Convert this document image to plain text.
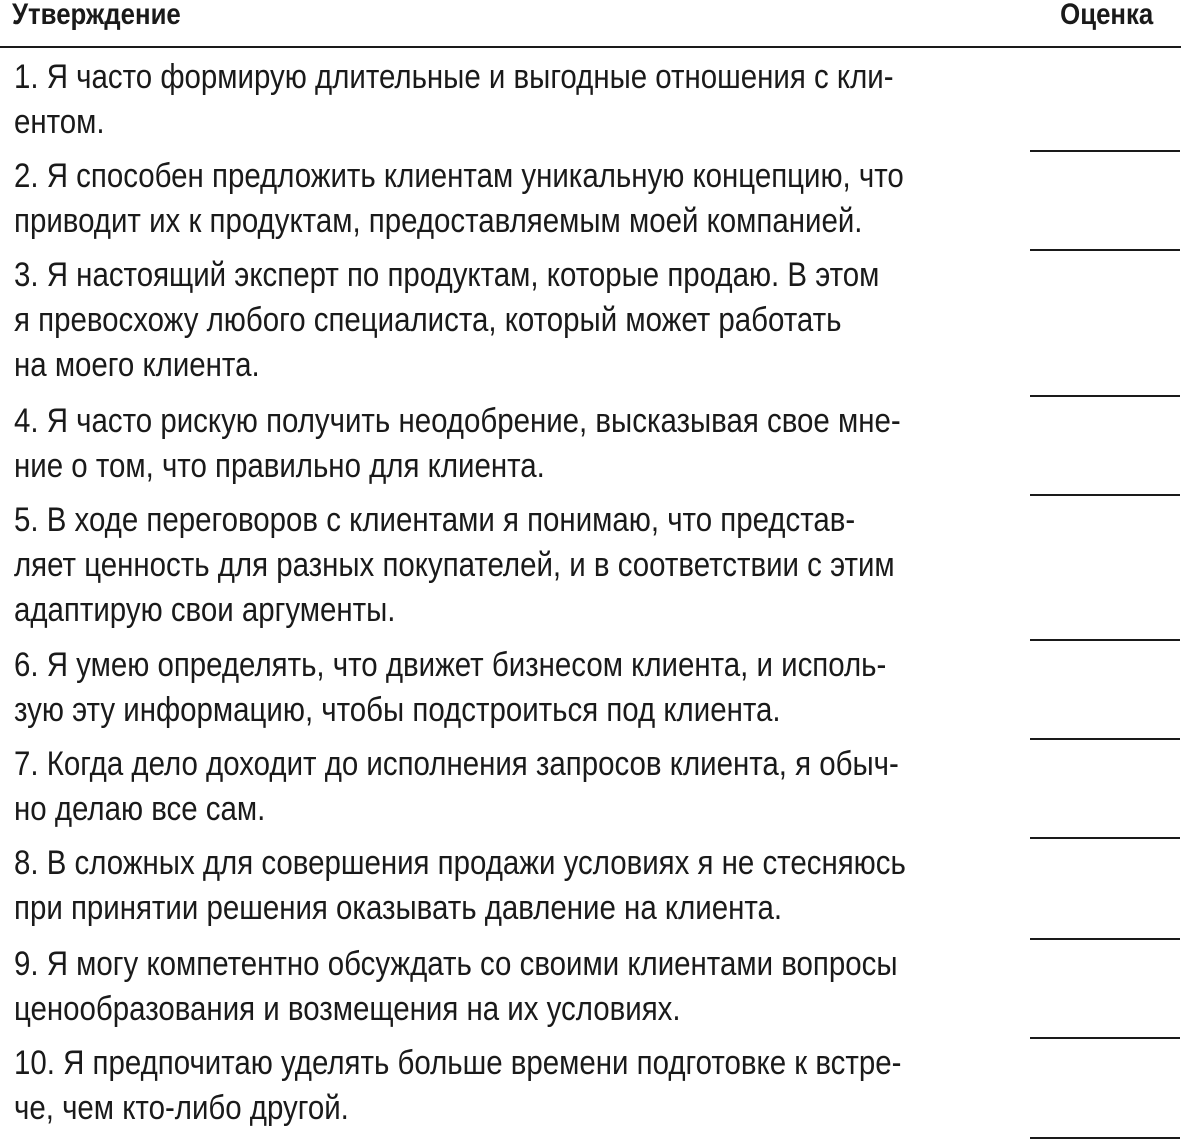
Утверждение	Оценка
1. Я часто формирую длительные и выгодные отношения с кли-
ентом.
2. Я способен предложить клиентам уникальную концепцию, что
приводит их к продуктам, предоставляемым моей компанией.
3. Я настоящий эксперт по продуктам, которые продаю. В этом
я превосхожу любого специалиста, который может работать
на моего клиента.
4. Я часто рискую получить неодобрение, высказывая свое мне-
ние о том, что правильно для клиента.
5. В ходе переговоров с клиентами я понимаю, что представ-
ляет ценность для разных покупателей, и в соответствии с этим
адаптирую свои аргументы.
6. Я умею определять, что движет бизнесом клиента, и исполь-
зую эту информацию, чтобы подстроиться под клиента.
7. Когда дело доходит до исполнения запросов клиента, я обыч-
но делаю все сам.
8. В сложных для совершения продажи условиях я не стесняюсь
при принятии решения оказывать давление на клиента.
9. Я могу компетентно обсуждать со своими клиентами вопросы
ценообразования и возмещения на их условиях.
10. Я предпочитаю уделять больше времени подготовке к встре-
че, чем кто-либо другой.
